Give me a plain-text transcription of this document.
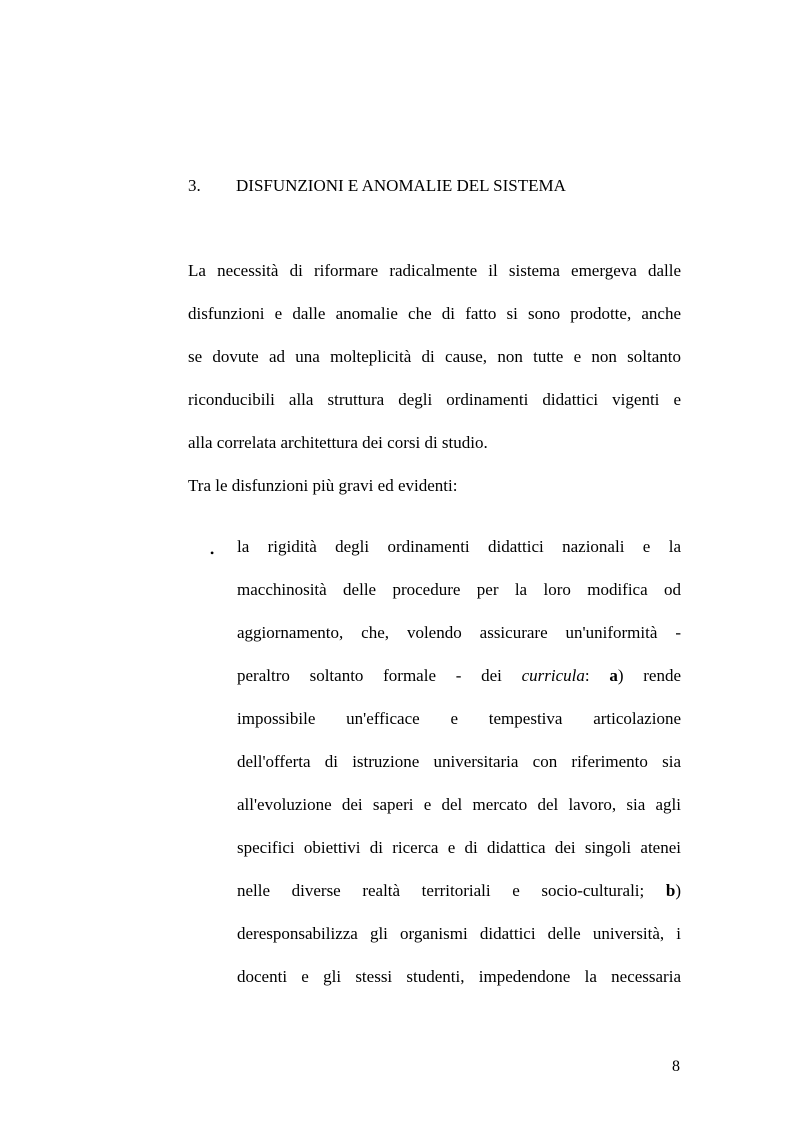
3.	DISFUNZIONI E ANOMALIE DEL SISTEMA
La necessità di riformare radicalmente il sistema emergeva dalle
disfunzioni e dalle anomalie che di fatto si sono prodotte, anche
se dovute ad una molteplicità di cause, non tutte e non soltanto
riconducibili alla struttura degli ordinamenti didattici vigenti e
alla correlata architettura dei corsi di studio.
Tra le disfunzioni più gravi ed evidenti:
• la rigidità degli ordinamenti didattici nazionali e la
macchinosità delle procedure per la loro modifica od
aggiornamento, che, volendo assicurare un'uniformità -
peraltro soltanto formale - dei curricula: a) rende
impossibile un'efficace e tempestiva articolazione
dell'offerta di istruzione universitaria con riferimento sia
all'evoluzione dei saperi e del mercato del lavoro, sia agli
specifici obiettivi di ricerca e di didattica dei singoli atenei
nelle diverse realtà territoriali e socio-culturali; b)
deresponsabilizza gli organismi didattici delle università, i
docenti e gli stessi studenti, impedendone la necessaria
8
